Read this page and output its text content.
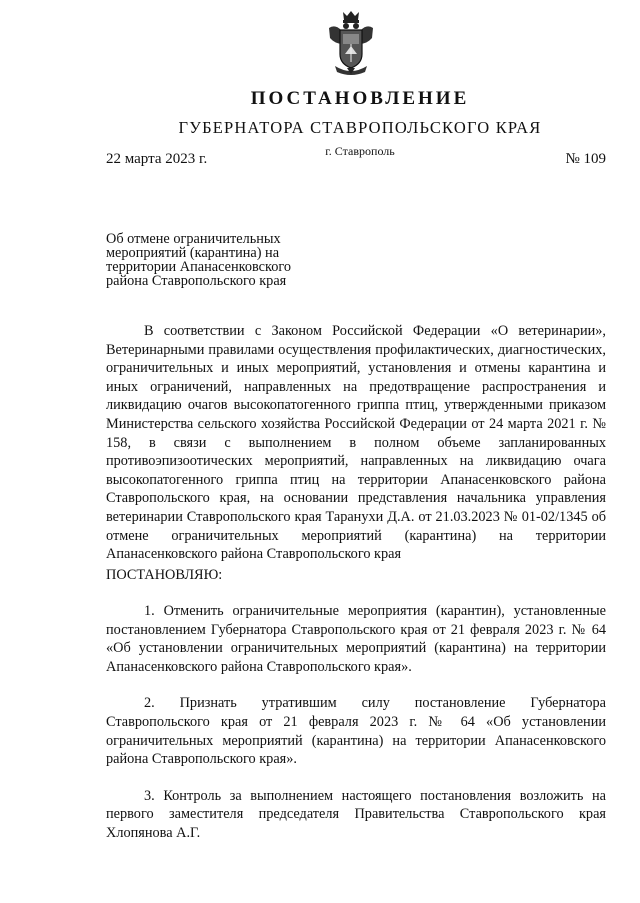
ПОСТАНОВЛЕНИЕ
ГУБЕРНАТОРА СТАВРОПОЛЬСКОГО КРАЯ
г. Ставрополь
22 марта 2023 г.	№ 109
Об отмене ограничительных
мероприятий (карантина) на
территории Апанасенковского
района Ставропольского края

В соответствии с Законом Российской Федерации «О ветеринарии», Ветеринарными правилами осуществления профилактических, диагностических, ограничительных и иных мероприятий, установления и отмены карантина и иных ограничений, направленных на предотвращение распространения и ликвидацию очагов высокопатогенного гриппа птиц, утвержденными приказом Министерства сельского хозяйства Российской Федерации от 24 марта 2021 г. № 158, в связи с выполнением в полном объеме запланированных противоэпизоотических мероприятий, направленных на ликвидацию очага высокопатогенного гриппа птиц на территории Апанасенковского района Ставропольского края, на основании представления начальника управления ветеринарии Ставропольского края Таранухи Д.А. от 21.03.2023 № 01-02/1345 об отмене ограничительных мероприятий (карантина) на территории Апанасенковского района Ставропольского края

ПОСТАНОВЛЯЮ:

1. Отменить ограничительные мероприятия (карантин), установленные постановлением Губернатора Ставропольского края от 21 февраля 2023 г. № 64 «Об установлении ограничительных мероприятий (карантина) на территории Апанасенковского района Ставропольского края».

2. Признать утратившим силу постановление Губернатора Ставропольского края от 21 февраля 2023 г. № 64 «Об установлении ограничительных мероприятий (карантина) на территории Апанасенковского района Ставропольского края».

3. Контроль за выполнением настоящего постановления возложить на первого заместителя председателя Правительства Ставропольского края Хлопянова А.Г.
